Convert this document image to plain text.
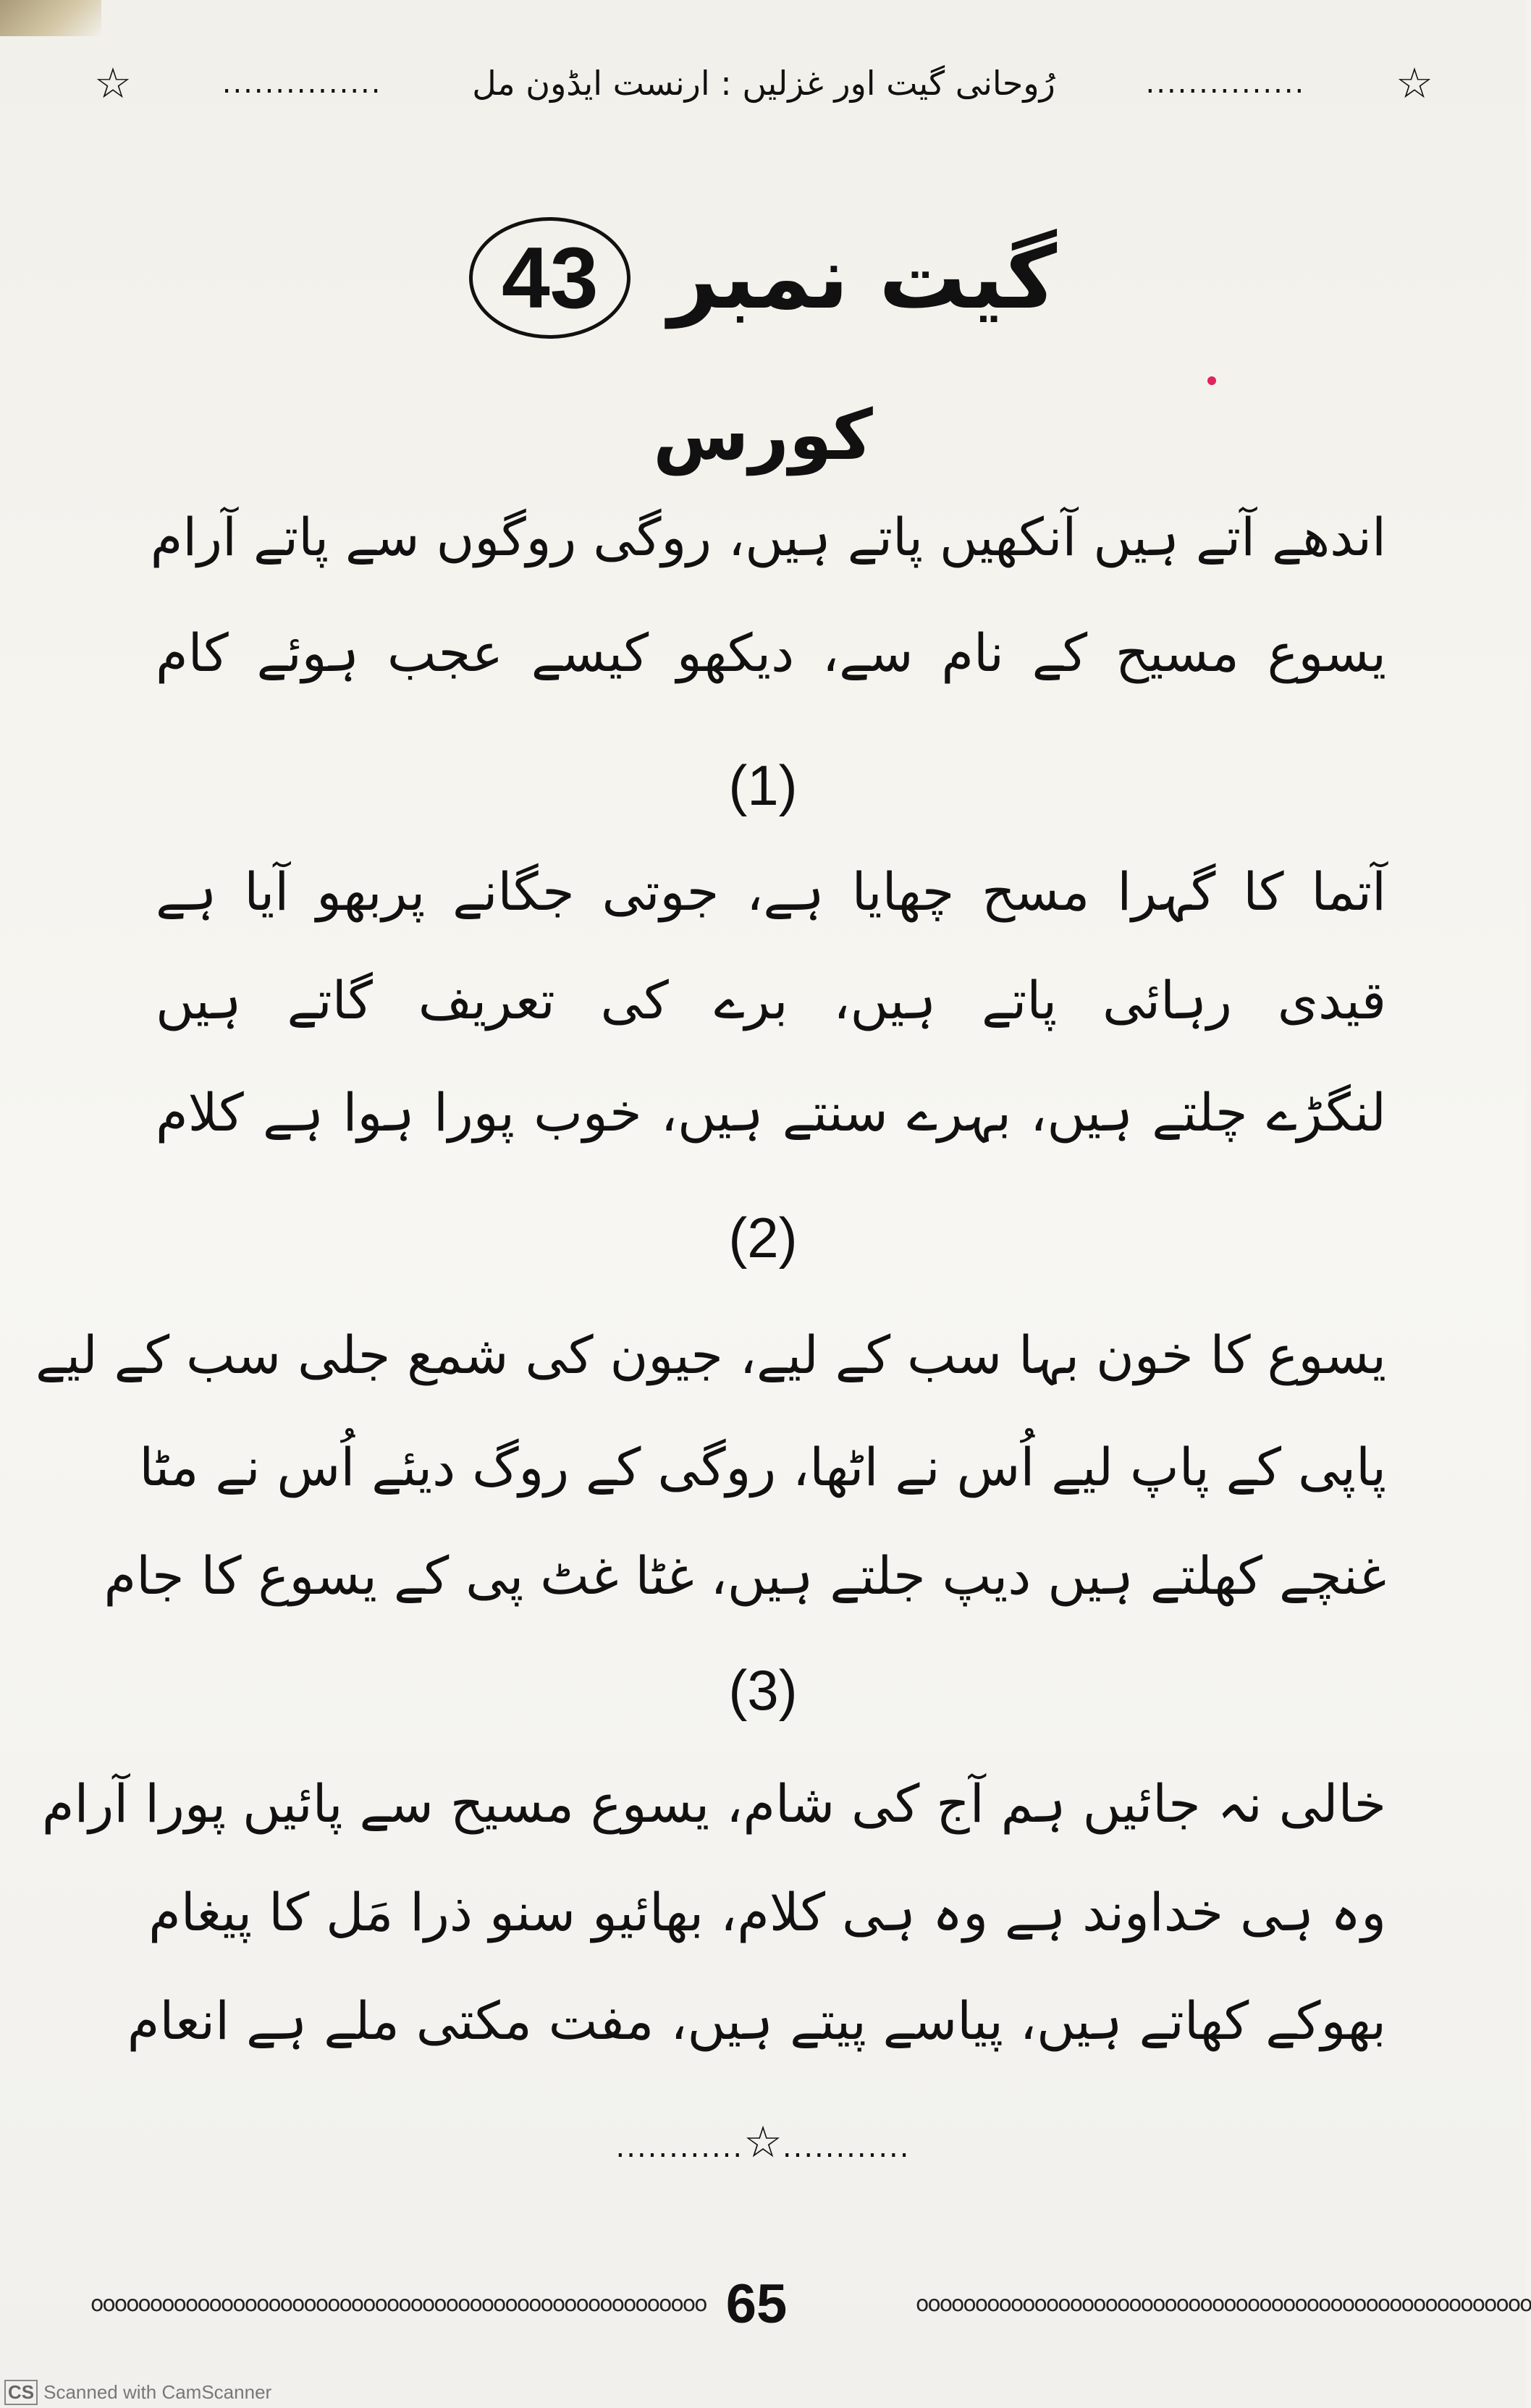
☆
...............
رُوحانی گیت اور غزلیں : ارنست ایڈون مل
...............
☆
گیت نمبر 43
کورس
اندھے آتے ہیں آنکھیں پاتے ہیں، روگی روگوں سے پاتے آرام
یسوع مسیح کے نام سے، دیکھو کیسے عجب ہوئے کام
(1)
آتما کا گہرا مسح چھایا ہے، جوتی جگانے پربھو آیا ہے
قیدی رہائی پاتے ہیں، برے کی تعریف گاتے ہیں
لنگڑے چلتے ہیں، بہرے سنتے ہیں، خوب پورا ہوا ہے کلام
(2)
یسوع کا خون بہا سب کے لیے، جیون کی شمع جلی سب کے لیے
پاپی کے پاپ لیے اُس نے اٹھا، روگی کے روگ دیئے اُس نے مٹا
غنچے کھلتے ہیں دیپ جلتے ہیں، غٹا غٹ پی کے یسوع کا جام
(3)
خالی نہ جائیں ہم آج کی شام، یسوع مسیح سے پائیں پورا آرام
وہ ہی خداوند ہے وہ ہی کلام، بھائیو سنو ذرا مَل کا پیغام
بھوکے کھاتے ہیں، پیاسے پیتے ہیں، مفت مکتی ملے ہے انعام
............☆............
oooooooooooooooooooooooooooooooooooooooooooooooooooo 65	oooooooooooooooooooooooooooooooooooooooooooooooooooo
CS Scanned with CamScanner
